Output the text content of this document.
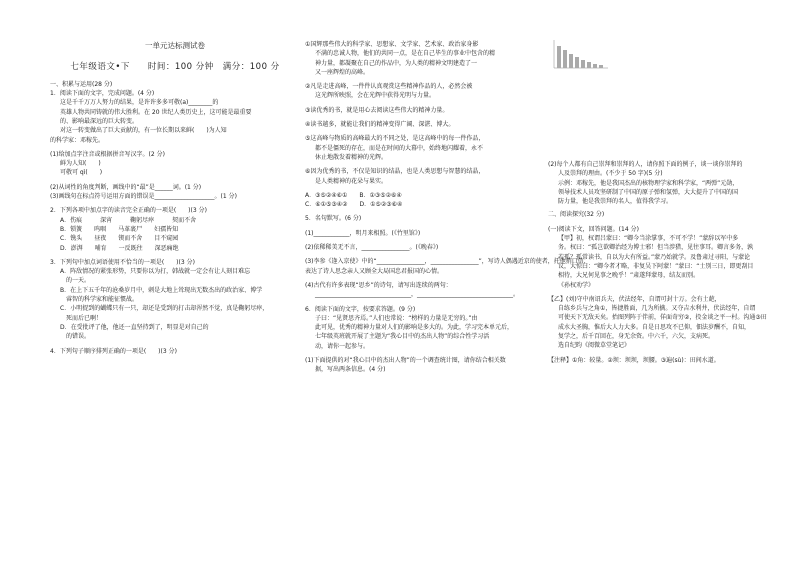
一单元达标测试卷

七年级语文•下　　时间：100 分钟　满分：100 分

一、积累与运用(28 分)

1．阅读下面的文字，完成问题。(4 分)

这是千千万万人努力的结果，是许许多多可敬(a)________的

英雄人物共同铸就的伟大胜利。在 20 世纪人类历史上，这可能是最重要

的、影响最深远的巨大转变。

对这一转变做出了巨大贡献的，有一位长期以来鲜(　　)为人知

的科学家：邓稼先。

(1)给加点字注音或根据拼音写汉字。(2 分)

鲜为人知(　　)

可敬可 qì(　　)

(2)从词性的角度判断，画线中的“最”是______词。(1 分)

(3)画线句在标点符号运用方面的错误是____________________。(1 分)

2．下列各项中加点字的读音完全正确的一项是(　　)(3 分)

A．伤痕　　　深宵　　　鞠躬尽瘁　　　契而不舍

B．锁簧　　呜咽　　马革裹尸　　妇孺皆知

C．镌头　　昼夜　　锲而不舍　　目不窥园

D．澎湃　　哺育　　一反既往　　深恶痛绝

3．下列句中加点词语使用不恰当的一项是(　　)(3 分)

A．阵敌情况的紧张形势，只要你以为打，韩战就一定会有让人刻目难忘

的一天。

B．在上下五千年的沧桑岁月中，刺是大地上耸现出无数杰出的政治家、博学

睿智的科学家和能征惯战。

C．小明捉到的蝴蝶只有一只，却还是受到的打击却浑然不觉，真是鞠躬尽瘁，

死而后已啊！

D．在受批评了他，他还一直坚持到了，明显是对自己的

的错误。

4．下列句子顺序排列正确的一项是(　　)(3 分)

①国辉那些伟大的科学家、思想家、文学家、艺术家、政治家身影

不满的忠诚人物，他们的共同一点，是在自己毕生的事业中包含的精

神力量，都凝聚在自己的作品中，为人类的精神文明建造了一

又一座辉煌的高峰。

②凡是走进高峰，一件件认真观赏这些精神作品的人，必然会被

这光辉所映照，会在光辉中获得光明与力量。

③读优秀的书，就是用心去阅读这些伟大的精神力量。

④读书越多，就能让我们的精神变得广阔、深湛、博大。

⑤这高峰与物质的高峰最大的不同之处，是这高峰中的每一件作品，

都不是僵死的存在，而是在时间的大幕中，始终地闪耀着，永不

休止地散发着精神的光辉。

⑥因为优秀的书，不仅是知识的结晶，也是人类思想与智慧的结晶，

是人类精神的花朵与果实。

A．③⑤②④⑥①　　B．①③⑤②⑥④

C．⑥①⑤③④②　　D．①⑤②③⑥④

5．名句默写。(6 分)

(1)____________，明月来相照。(《竹里馆》)

(2)依稀稀美无不言，________________。(《晚春》)

(3)李参《逢入京使》中的“________________，________________”，写诗人偶遇近京的使者，托他捎口信，

表达了诗人思念亲人又顾全大局国忠君报国的心情。

(4)古代有许多表现“思乡”的诗句，请写出连续的两句：

________________________________，________________________________。

6．阅读下面的文字，按要求答题。(9 分)

子曰：“见贤思齐焉。”人们也常说：“榜样的力量是无穷的。”由

此可见，优秀的精神力量对人们的影响是多大的。为此，学习完本单元后，

七年级英班就开展了主题为“我心目中的杰出人物”的综合性学习活

动，请你一起参与。

(1)下面提供的对“我心目中的杰出人物”的一个调查统计图，请你结合相关数

据，写出两条信息。(4 分)

(2)每个人都有自己崇拜和崇拜的人，请你照下面的例子，谈一谈你崇拜的

人及崇拜的理由。(不少于 50 字)(5 分)

示例：邓稼先，他是我国杰出的核物理学家和科学家，“两弹”元勋，

领导技术人员攻坚研制了中国的原子弹和氢弹，大大提升了中国的国

防力量，他是我崇拜的名人，值得我学习。

二、阅读探究(32 分)

(一)阅读下文，回答问题。(14 分)

【甲】初，权谓吕蒙曰：“卿今当涂掌事，不可不学！”蒙辞以军中多

务。权曰：“孤岂欲卿治经为博士邪！但当涉猎，见往事耳。卿言多务，孰

若孤？孤常读书，自以为大有所益。”蒙乃始就学。及鲁肃过寻阳，与蒙论

议，大惊曰：“卿今者才略，非复吴下阿蒙！”蒙曰：“士别三日，即更刮目

相待，大兄何见事之晚乎！”肃遂拜蒙母，结友而别。

《孙权劝学》

【乙】(刘)守中南诏兵夫，伏法经年，自谓可封十万。会有土葩，

自练乡兵与之角①，皆捷胜面，几为所擒。又夺吉水利井，伏法经年，自谓

可使天下无敌天矣。抬图列阵于伴前，佯面奇穷②，投金谈之平一村。沟通③田

成水大圣胸，惟后大人力大多。自是日思攻不已仰，佃法岁酬不，自知，

复学之，后千百回在，身无余资。中六千，六欠，支病死。

选自纪昀《阅微草堂笔记》

【注释】①角：较量。②坝：坝坝，坝腰。③遍(sù)：田间水道。
